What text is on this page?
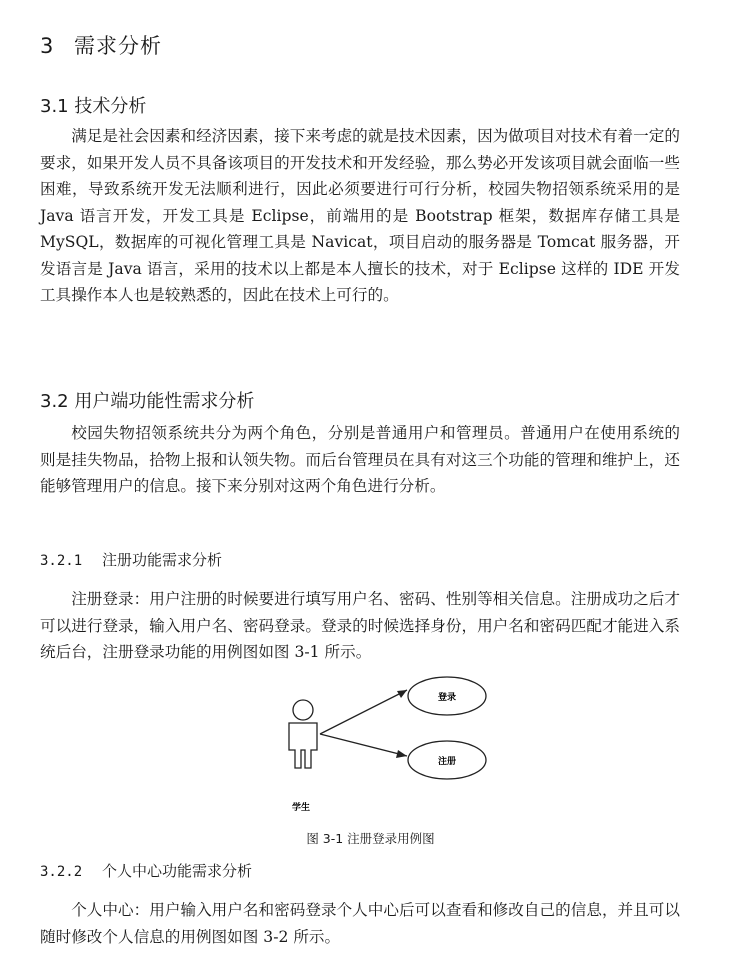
3 需求分析
3.1 技术分析

满足是社会因素和经济因素，接下来考虑的就是技术因素，因为做项目对技术有着一定的要求，如果开发人员不具备该项目的开发技术和开发经验，那么势必开发该项目就会面临一些困难，导致系统开发无法顺利进行，因此必须要进行可行分析，校园失物招领系统采用的是 Java 语言开发，开发工具是 Eclipse，前端用的是 Bootstrap 框架，数据库存储工具是 MySQL，数据库的可视化管理工具是 Navicat，项目启动的服务器是 Tomcat 服务器，开发语言是 Java 语言，采用的技术以上都是本人擅长的技术，对于 Eclipse 这样的 IDE 开发工具操作本人也是较熟悉的，因此在技术上可行的。

3.2 用户端功能性需求分析

校园失物招领系统共分为两个角色，分别是普通用户和管理员。普通用户在使用系统的 则是挂失物品，拾物上报和认领失物。而后台管理员在具有对这三个功能的管理和维护上，还能够管理用户的信息。接下来分别对这两个角色进行分析。

3.2.1 注册功能需求分析

注册登录：用户注册的时候要进行填写用户名、密码、性别等相关信息。注册成功之后才可以进行登录，输入用户名、密码登录。登录的时候选择身份，用户名和密码匹配才能进入系统后台，注册登录功能的用例图如图 3-1 所示。

学生
登录
注册
图 3-1 注册登录用例图
3.2.2 个人中心功能需求分析

个人中心：用户输入用户名和密码登录个人中心后可以查看和修改自己的信息，并且可以随时修改个人信息的用例图如图 3-2 所示。
